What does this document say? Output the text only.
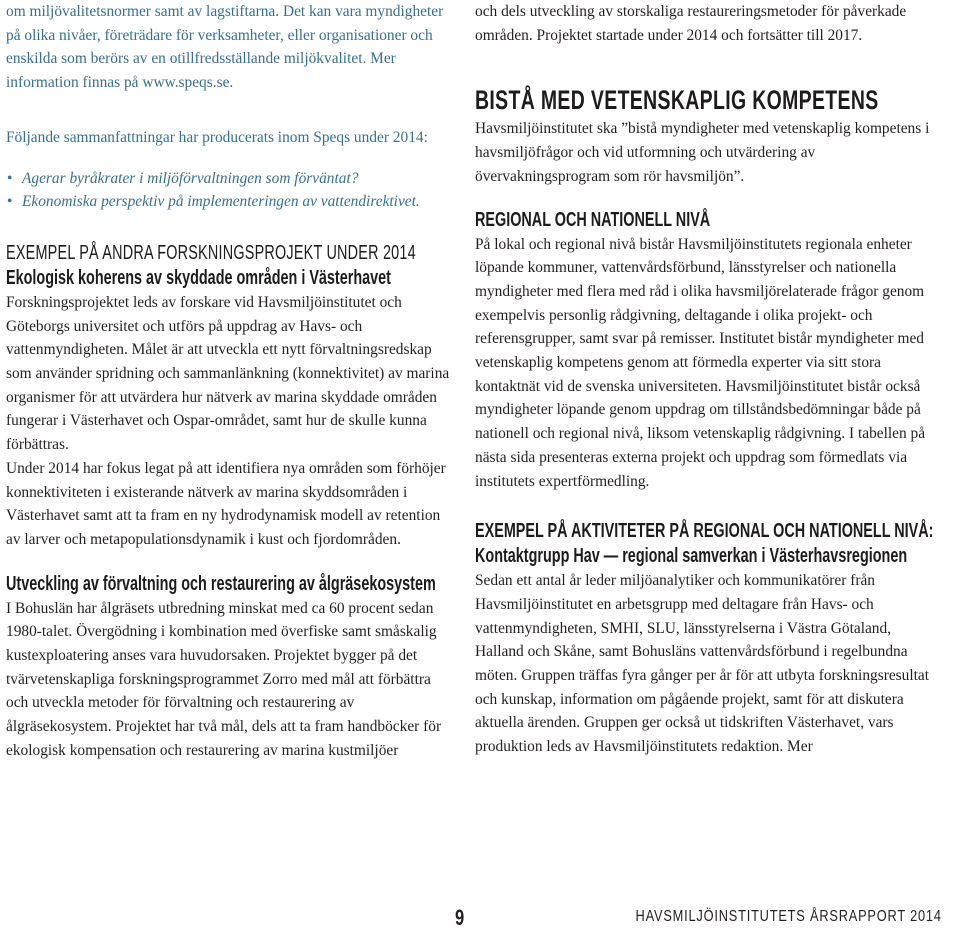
om miljövalitetsnormer samt av lagstiftarna. Det kan vara myndigheter på olika nivåer, företrädare för verksamheter, eller organisationer och enskilda som berörs av en otillfredsställande miljökvalitet. Mer information finnas på www.speqs.se.

Följande sammanfattningar har producerats inom Speqs under 2014:

• Agerar byråkrater i miljöförvaltningen som förväntat?
• Ekonomiska perspektiv på implementeringen av vattendirektivet.
EXEMPEL PÅ ANDRA FORSKNINGSPROJEKT UNDER 2014
Ekologisk koherens av skyddade områden i Västerhavet

Forskningsprojektet leds av forskare vid Havsmiljöinstitutet och Göteborgs universitet och utförs på uppdrag av Havs- och vattenmyndigheten. Målet är att utveckla ett nytt förvaltningsredskap som använder spridning och sammanlänkning (konnektivitet) av marina organismer för att utvärdera hur nätverk av marina skyddade områden fungerar i Västerhavet och Ospar-området, samt hur de skulle kunna förbättras.

Under 2014 har fokus legat på att identifiera nya områden som förhöjer konnektiviteten i existerande nätverk av marina skyddsområden i Västerhavet samt att ta fram en ny hydrodynamisk modell av retention av larver och metapopulationsdynamik i kust och fjordområden.

Utveckling av förvaltning och restaurering av ålgräsekosystem

I Bohuslän har ålgräsets utbredning minskat med ca 60 procent sedan 1980-talet. Övergödning i kombination med överfiske samt småskalig kustexploatering anses vara huvudorsaken. Projektet bygger på det tvärvetenskapliga forskningsprogrammet Zorro med mål att förbättra och utveckla metoder för förvaltning och restaurering av ålgräsekosystem. Projektet har två mål, dels att ta fram handböcker för ekologisk kompensation och restaurering av marina kustmiljöer

och dels utveckling av storskaliga restaureringsmetoder för påverkade områden. Projektet startade under 2014 och fortsätter till 2017.

BISTÅ MED VETENSKAPLIG KOMPETENS

Havsmiljöinstitutet ska ”bistå myndigheter med vetenskaplig kompetens i havsmiljöfrågor och vid utformning och utvärdering av övervakningsprogram som rör havsmiljön”.

REGIONAL OCH NATIONELL NIVÅ

På lokal och regional nivå bistår Havsmiljöinstitutets regionala enheter löpande kommuner, vattenvårdsförbund, länsstyrelser och nationella myndigheter med flera med råd i olika havsmiljörelaterade frågor genom exempelvis personlig rådgivning, deltagande i olika projekt- och referensgrupper, samt svar på remisser. Institutet bistår myndigheter med vetenskaplig kompetens genom att förmedla experter via sitt stora kontaktnät vid de svenska universiteten. Havsmiljöinstitutet bistår också myndigheter löpande genom uppdrag om tillståndsbedömningar både på nationell och regional nivå, liksom vetenskaplig rådgivning. I tabellen på nästa sida presenteras externa projekt och uppdrag som förmedlats via institutets expertförmedling.

EXEMPEL PÅ AKTIVITETER PÅ REGIONAL OCH NATIONELL NIVÅ:
Kontaktgrupp Hav — regional samverkan i Västerhavsregionen

Sedan ett antal år leder miljöanalytiker och kommunikatörer från Havsmiljöinstitutet en arbetsgrupp med deltagare från Havs- och vattenmyndigheten, SMHI, SLU, länsstyrelserna i Västra Götaland, Halland och Skåne, samt Bohusläns vattenvårdsförbund i regelbundna möten. Gruppen träffas fyra gånger per år för att utbyta forskningsresultat och kunskap, information om pågående projekt, samt för att diskutera aktuella ärenden. Gruppen ger också ut tidskriften Västerhavet, vars produktion leds av Havsmiljöinstitutets redaktion. Mer

9	HAVSMILJÖINSTITUTETS ÅRSRAPPORT 2014
